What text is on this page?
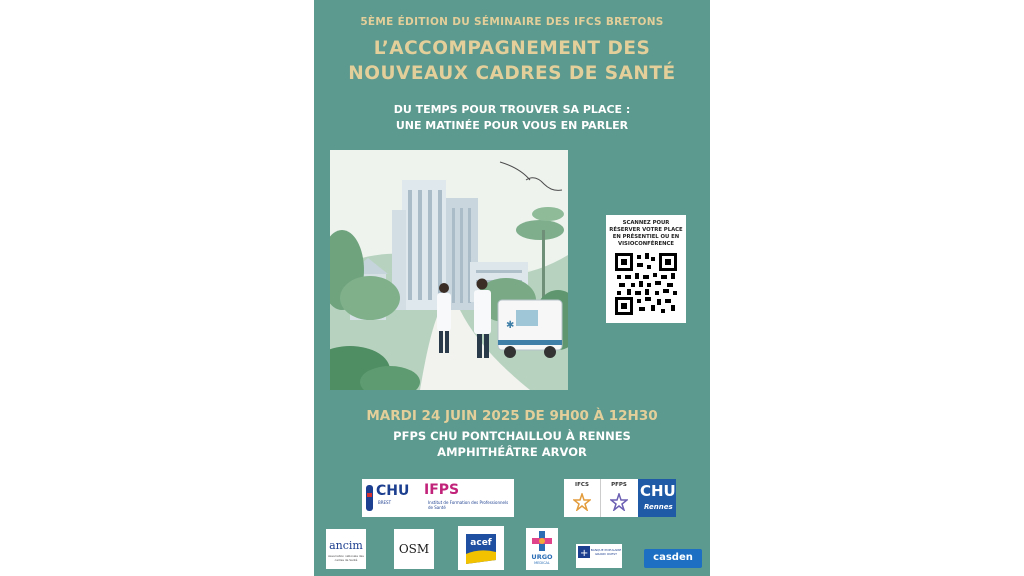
5ÈME ÉDITION DU SÉMINAIRE DES IFCS BRETONS
L’ACCOMPAGNEMENT DES
NOUVEAUX CADRES DE SANTÉ
DU TEMPS POUR TROUVER SA PLACE :
UNE MATINÉE POUR VOUS EN PARLER
✱
SCANNEZ POUR RÉSERVER VOTRE PLACE EN PRÉSENTIEL OU EN VISIOCONFÉRENCE
MARDI 24 JUIN 2025 DE 9H00 À 12H30
PFPS CHU PONTCHAILLOU À RENNES
AMPHITHÉÂTRE ARVOR
CHU
BREST
IFPS
Institut de Formation des Professionnels de Santé
IFCS	PFPS CHU
Rennes
ancim
Association nationale des cadres de Santé
OSM	acef
URGO
MEDICAL
+ BANQUE POPULAIRE GRAND OUEST	casden
